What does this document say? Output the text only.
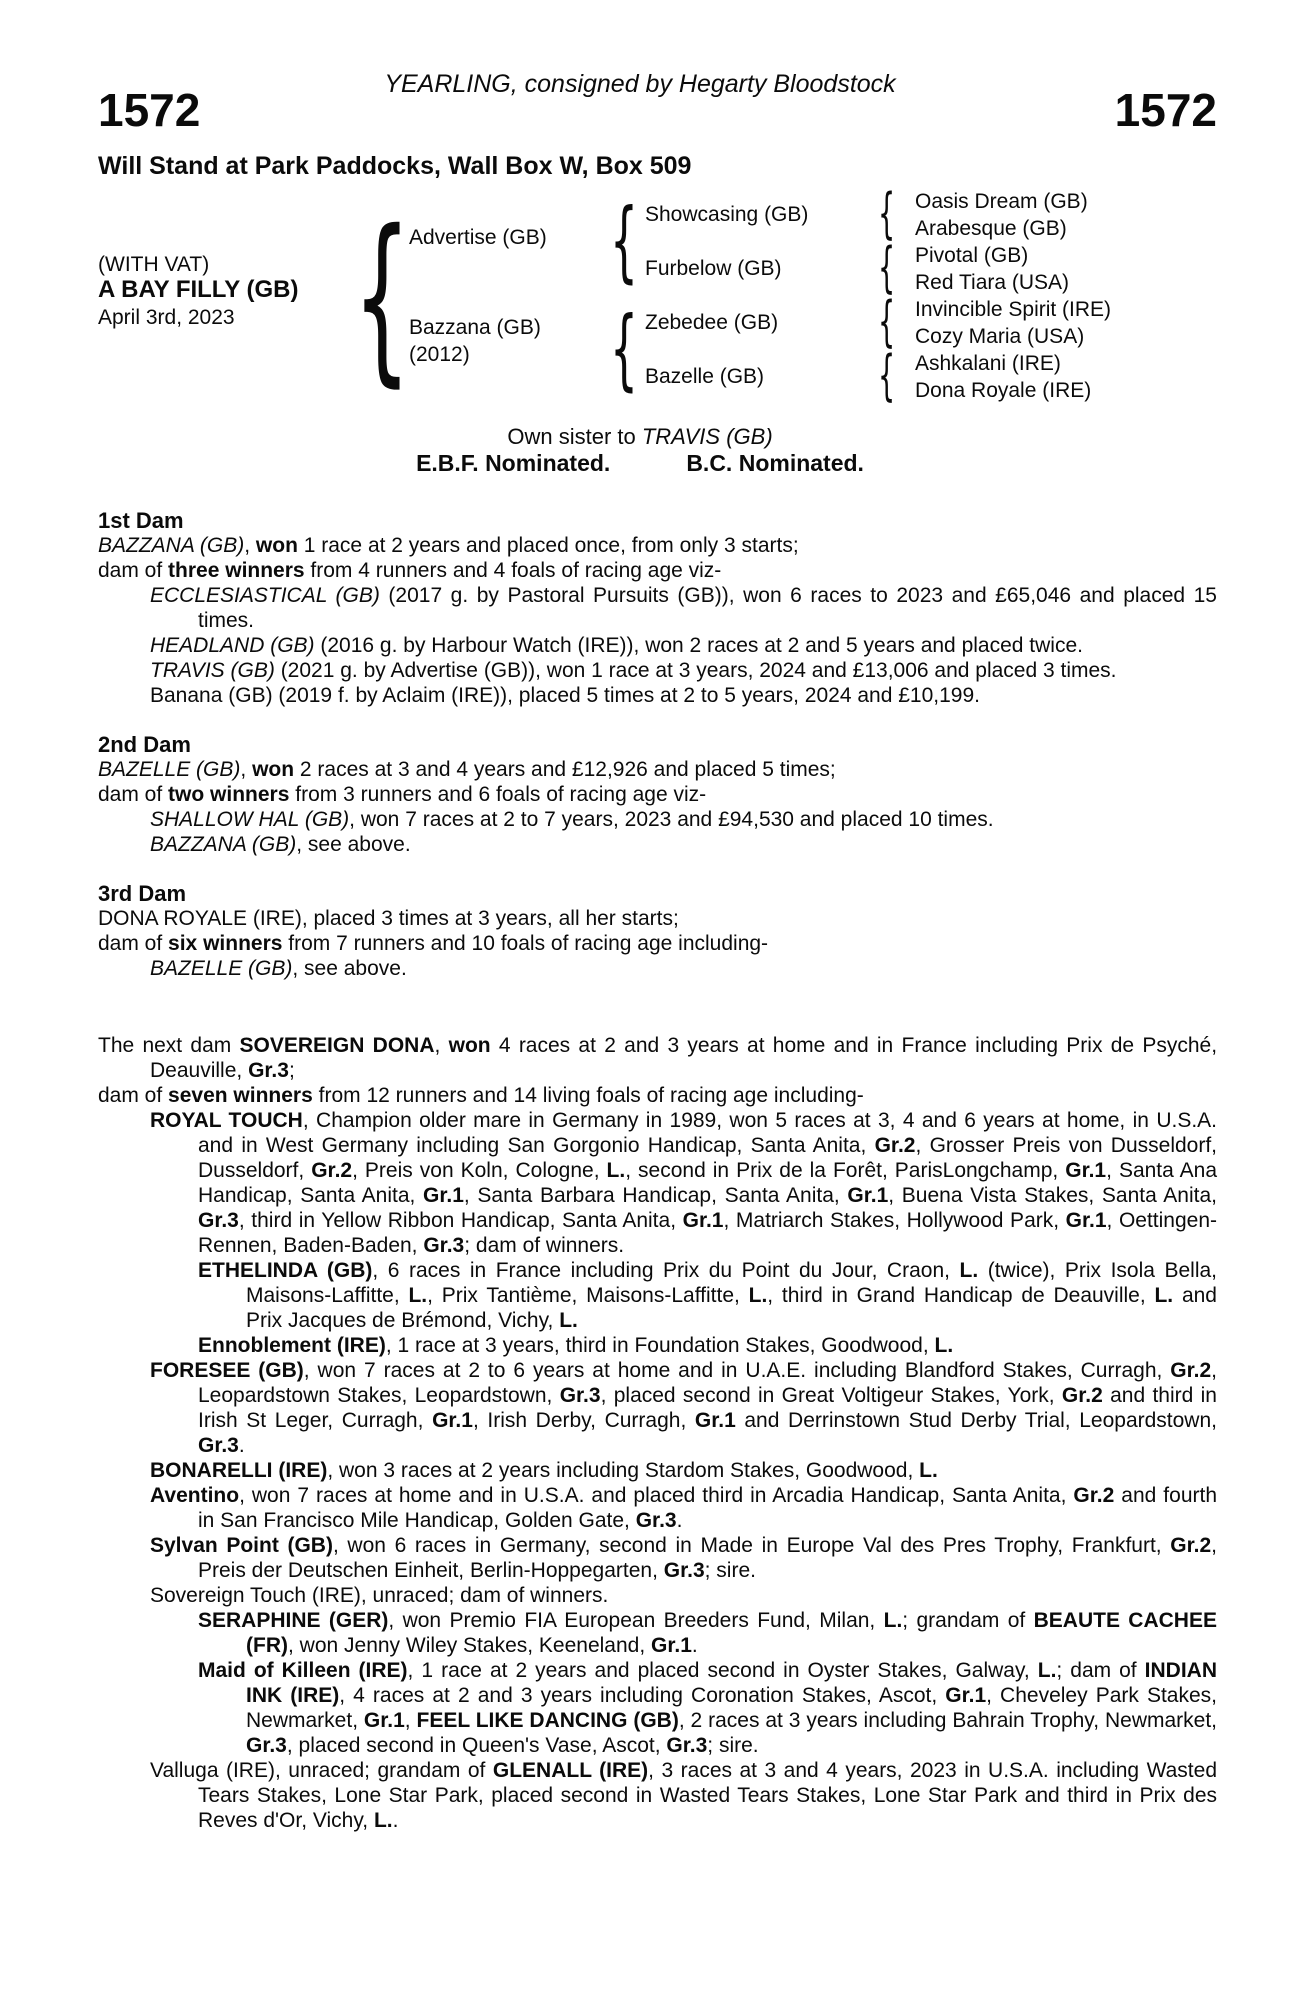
YEARLING, consigned by Hegarty Bloodstock
1572	1572
Will Stand at Park Paddocks, Wall Box W, Box 509
(WITH VAT)
A BAY FILLY (GB)
April 3rd, 2023 { {
{
{
{
{
{
Advertise (GB)
Bazzana (GB)
(2012)
Showcasing (GB)
Furbelow (GB)
Zebedee (GB)
Bazelle (GB)
Oasis Dream (GB)
Arabesque (GB)
Pivotal (GB)
Red Tiara (USA)
Invincible Spirit (IRE)
Cozy Maria (USA)
Ashkalani (IRE)
Dona Royale (IRE)
Own sister to TRAVIS (GB)
E.B.F. Nominated.	B.C. Nominated.
1st Dam

BAZZANA (GB), won 1 race at 2 years and placed once, from only 3 starts;

dam of three winners from 4 runners and 4 foals of racing age viz-

ECCLESIASTICAL (GB) (2017 g. by Pastoral Pursuits (GB)), won 6 races to 2023 and £65,046 and placed 15 times.

HEADLAND (GB) (2016 g. by Harbour Watch (IRE)), won 2 races at 2 and 5 years and placed twice.

TRAVIS (GB) (2021 g. by Advertise (GB)), won 1 race at 3 years, 2024 and £13,006 and placed 3 times.

Banana (GB) (2019 f. by Aclaim (IRE)), placed 5 times at 2 to 5 years, 2024 and £10,199.

2nd Dam

BAZELLE (GB), won 2 races at 3 and 4 years and £12,926 and placed 5 times;

dam of two winners from 3 runners and 6 foals of racing age viz-

SHALLOW HAL (GB), won 7 races at 2 to 7 years, 2023 and £94,530 and placed 10 times.

BAZZANA (GB), see above.

3rd Dam

DONA ROYALE (IRE), placed 3 times at 3 years, all her starts;

dam of six winners from 7 runners and 10 foals of racing age including-

BAZELLE (GB), see above.

The next dam SOVEREIGN DONA, won 4 races at 2 and 3 years at home and in France including Prix de Psyché, Deauville, Gr.3;

dam of seven winners from 12 runners and 14 living foals of racing age including-

ROYAL TOUCH, Champion older mare in Germany in 1989, won 5 races at 3, 4 and 6 years at home, in U.S.A. and in West Germany including San Gorgonio Handicap, Santa Anita, Gr.2, Grosser Preis von Dusseldorf, Dusseldorf, Gr.2, Preis von Koln, Cologne, L., second in Prix de la Forêt, ParisLongchamp, Gr.1, Santa Ana Handicap, Santa Anita, Gr.1, Santa Barbara Handicap, Santa Anita, Gr.1, Buena Vista Stakes, Santa Anita, Gr.3, third in Yellow Ribbon Handicap, Santa Anita, Gr.1, Matriarch Stakes, Hollywood Park, Gr.1, Oettingen-Rennen, Baden-Baden, Gr.3; dam of winners.

ETHELINDA (GB), 6 races in France including Prix du Point du Jour, Craon, L. (twice), Prix Isola Bella, Maisons-Laffitte, L., Prix Tantième, Maisons-Laffitte, L., third in Grand Handicap de Deauville, L. and Prix Jacques de Brémond, Vichy, L.

Ennoblement (IRE), 1 race at 3 years, third in Foundation Stakes, Goodwood, L.

FORESEE (GB), won 7 races at 2 to 6 years at home and in U.A.E. including Blandford Stakes, Curragh, Gr.2, Leopardstown Stakes, Leopardstown, Gr.3, placed second in Great Voltigeur Stakes, York, Gr.2 and third in Irish St Leger, Curragh, Gr.1, Irish Derby, Curragh, Gr.1 and Derrinstown Stud Derby Trial, Leopardstown, Gr.3.

BONARELLI (IRE), won 3 races at 2 years including Stardom Stakes, Goodwood, L.

Aventino, won 7 races at home and in U.S.A. and placed third in Arcadia Handicap, Santa Anita, Gr.2 and fourth in San Francisco Mile Handicap, Golden Gate, Gr.3.

Sylvan Point (GB), won 6 races in Germany, second in Made in Europe Val des Pres Trophy, Frankfurt, Gr.2, Preis der Deutschen Einheit, Berlin-Hoppegarten, Gr.3; sire.

Sovereign Touch (IRE), unraced; dam of winners.

SERAPHINE (GER), won Premio FIA European Breeders Fund, Milan, L.; grandam of BEAUTE CACHEE (FR), won Jenny Wiley Stakes, Keeneland, Gr.1.

Maid of Killeen (IRE), 1 race at 2 years and placed second in Oyster Stakes, Galway, L.; dam of INDIAN INK (IRE), 4 races at 2 and 3 years including Coronation Stakes, Ascot, Gr.1, Cheveley Park Stakes, Newmarket, Gr.1, FEEL LIKE DANCING (GB), 2 races at 3 years including Bahrain Trophy, Newmarket, Gr.3, placed second in Queen's Vase, Ascot, Gr.3; sire.

Valluga (IRE), unraced; grandam of GLENALL (IRE), 3 races at 3 and 4 years, 2023 in U.S.A. including Wasted Tears Stakes, Lone Star Park, placed second in Wasted Tears Stakes, Lone Star Park and third in Prix des Reves d'Or, Vichy, L..
